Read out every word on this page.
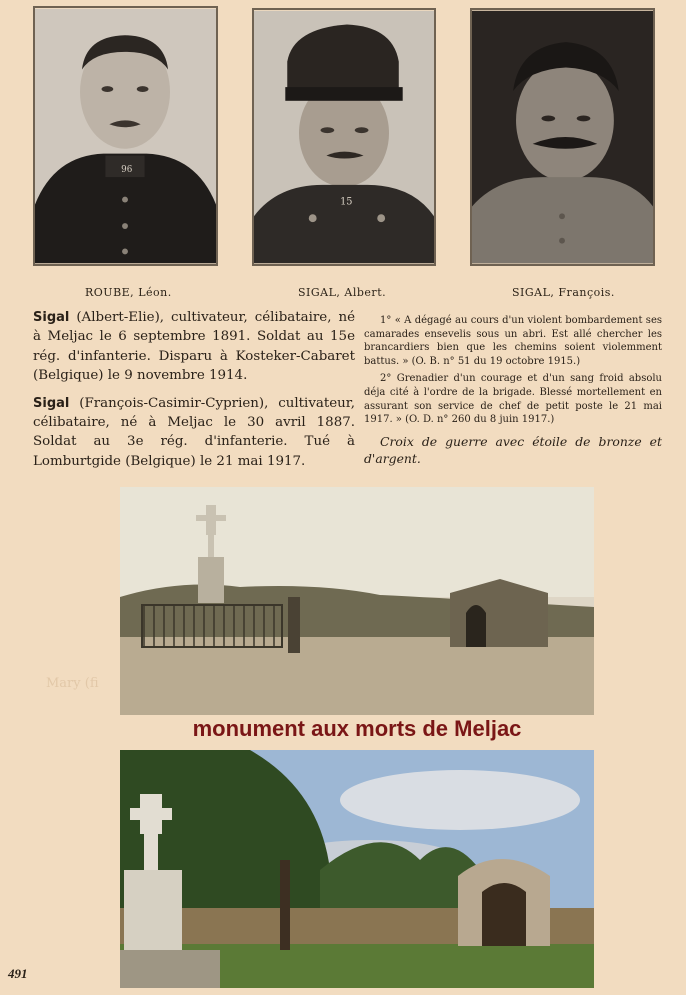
96
15
ROUBE, Léon.	SIGAL, Albert.	SIGAL, François.

Sigal (Albert-Elie), cultivateur, célibataire, né à Meljac le 6 septembre 1891. Soldat au 15e rég. d'infanterie. Disparu à Kosteker-Cabaret (Belgique) le 9 novembre 1914.

Sigal (François-Casimir-Cyprien), cultivateur, célibataire, né à Meljac le 30 avril 1887. Soldat au 3e rég. d'infanterie. Tué à Lomburtgide (Belgique) le 21 mai 1917.

1° « A dégagé au cours d'un violent bombardement ses camarades ensevelis sous un abri. Est allé chercher les brancardiers bien que les chemins soient violemment battus. » (O. B. n° 51 du 19 octobre 1915.)

2° Grenadier d'un courage et d'un sang froid absolu déja cité à l'ordre de la brigade. Blessé mortellement en assurant son service de chef de petit poste le 21 mai 1917. » (O. D. n° 260 du 8 juin 1917.)

Croix de guerre avec étoile de bronze et d'argent.

Mary (fi
monument aux morts de Meljac
491
